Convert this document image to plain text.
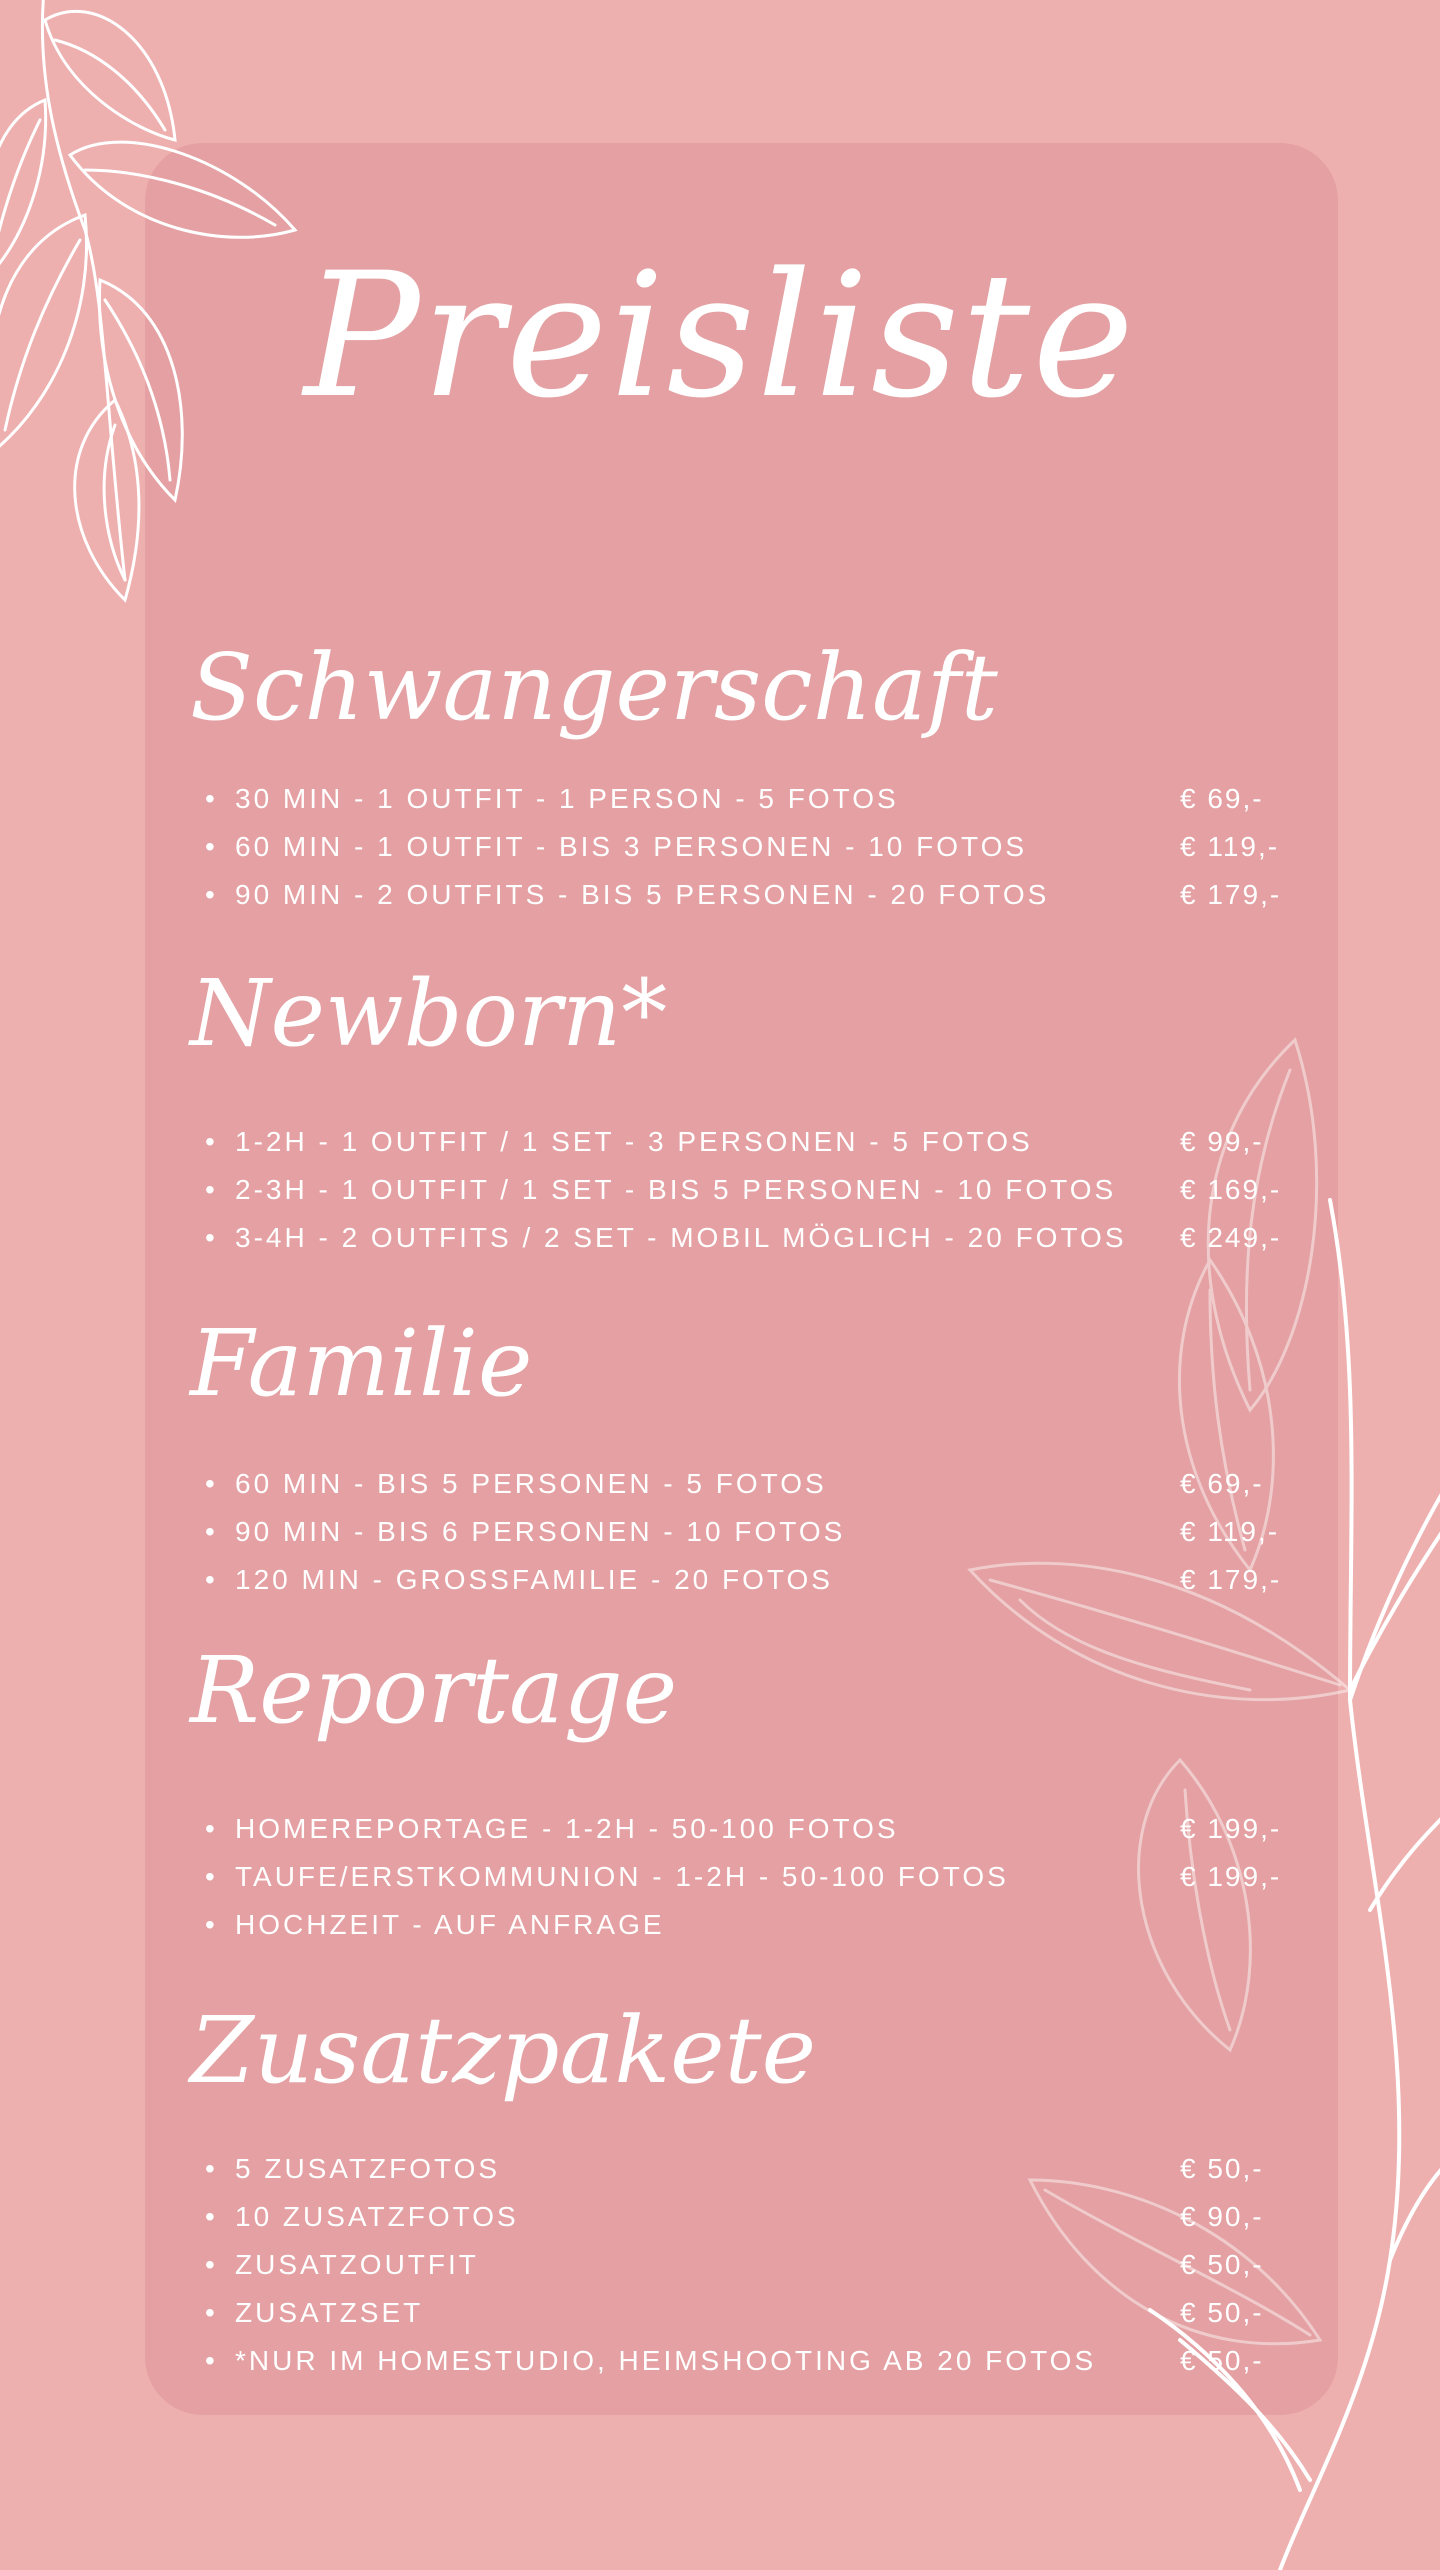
Preisliste
Schwangerschaft
• 30 MIN - 1 OUTFIT - 1 PERSON - 5 FOTOS	€ 69,-
• 60 MIN - 1 OUTFIT - BIS 3 PERSONEN - 10 FOTOS	€ 119,-
• 90 MIN - 2 OUTFITS - BIS 5 PERSONEN - 20 FOTOS	€ 179,-
Newborn*
• 1-2H - 1 OUTFIT / 1 SET - 3 PERSONEN - 5 FOTOS	€ 99,-
• 2-3H - 1 OUTFIT / 1 SET - BIS 5 PERSONEN - 10 FOTOS € 169,-
• 3-4H - 2 OUTFITS / 2 SET - MOBIL MÖGLICH - 20 FOTOS € 249,-
Familie
• 60 MIN - BIS 5 PERSONEN - 5 FOTOS	€ 69,-
• 90 MIN - BIS 6 PERSONEN - 10 FOTOS	€ 119,-
• 120 MIN - GROSSFAMILIE - 20 FOTOS	€ 179,-
Reportage
• HOMEREPORTAGE - 1-2H - 50-100 FOTOS	€ 199,-
• TAUFE/ERSTKOMMUNION - 1-2H - 50-100 FOTOS	€ 199,-
• HOCHZEIT - AUF ANFRAGE
Zusatzpakete
• 5 ZUSATZFOTOS	€ 50,-
• 10 ZUSATZFOTOS	€ 90,-
• ZUSATZOUTFIT	€ 50,-
• ZUSATZSET	€ 50,-
• *NUR IM HOMESTUDIO, HEIMSHOOTING AB 20 FOTOS	€ 50,-
